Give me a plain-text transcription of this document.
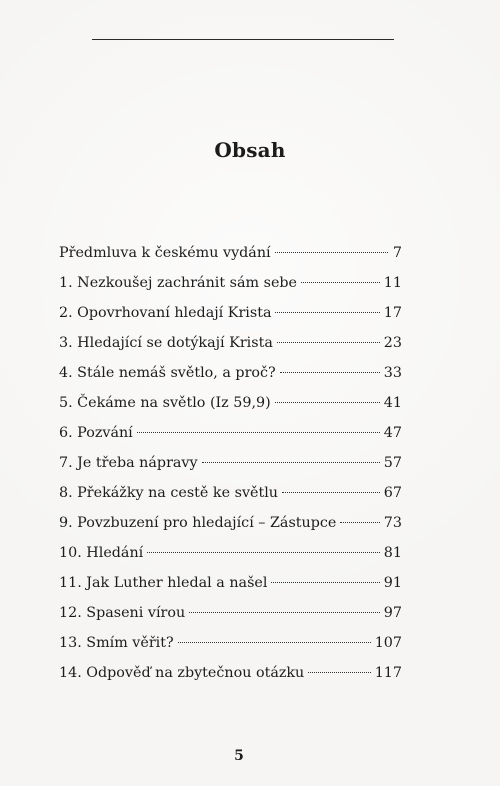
Obsah
Předmluva k českému vydání	7
1. Nezkoušej zachránit sám sebe	11
2. Opovrhovaní hledají Krista	17
3. Hledající se dotýkají Krista	23
4. Stále nemáš světlo, a proč?	33
5. Čekáme na světlo (Iz 59,9)	41
6. Pozvání	47
7. Je třeba nápravy	57
8. Překážky na cestě ke světlu	67
9. Povzbuzení pro hledající – Zástupce	73
10. Hledání	81
11. Jak Luther hledal a našel	91
12. Spaseni vírou	97
13. Smím věřit?	107
14. Odpověď na zbytečnou otázku	117
5
